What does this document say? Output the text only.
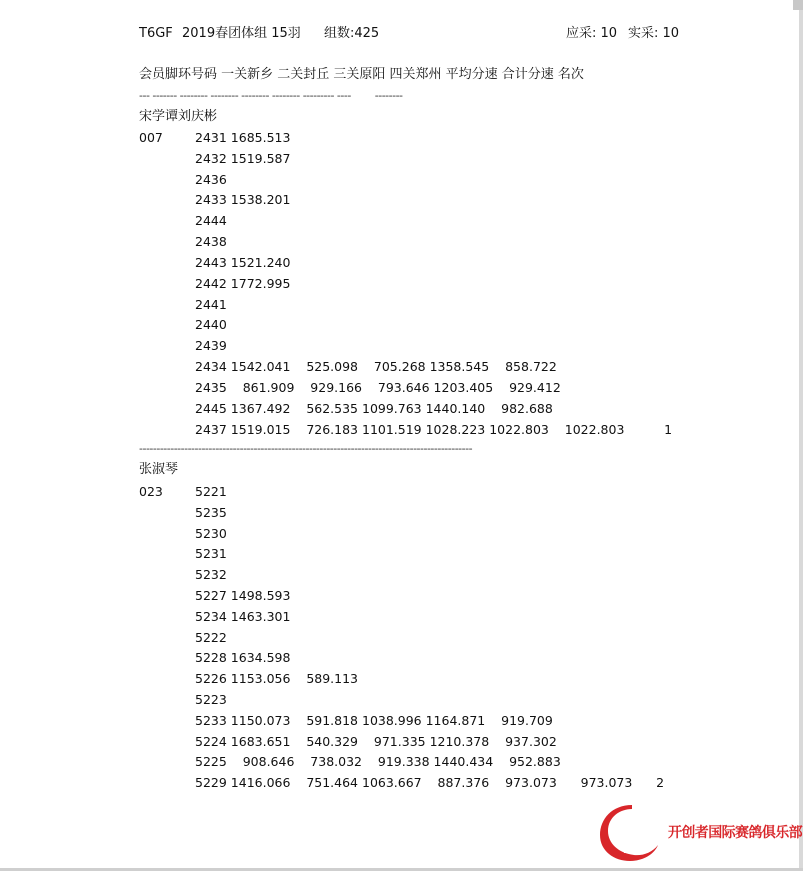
T6GF 2019春团体组 15羽 组数:425	应采: 10 实采: 10
会员脚环号码 一关新乡 二关封丘 三关原阳 四关郑州 平均分速 合计分速 名次
--- ------- -------- -------- -------- -------- --------- ----        --------
宋学谭刘庆彬
007	2431 1685.513
2432 1519.587
2436
2433 1538.201
2444
2438
2443 1521.240
2442 1772.995
2441
2440
2439
2434 1542.041    525.098    705.268 1358.545    858.722
2435    861.909    929.166    793.646 1203.405    929.412
2445 1367.492    562.535 1099.763 1440.140    982.688
2437 1519.015    726.183 1101.519 1028.223 1022.803    1022.803          1
------------------------------------------------------------------------------------------------
张淑琴
023	5221
5235
5230
5231
5232
5227 1498.593
5234 1463.301
5222
5228 1634.598
5226 1153.056    589.113
5223
5233 1150.073    591.818 1038.996 1164.871    919.709
5224 1683.651    540.329    971.335 1210.378    937.302
5225    908.646    738.032    919.338 1440.434    952.883
5229 1416.066    751.464 1063.667    887.376    973.073      973.073      2
开创者国际赛鸽俱乐部
